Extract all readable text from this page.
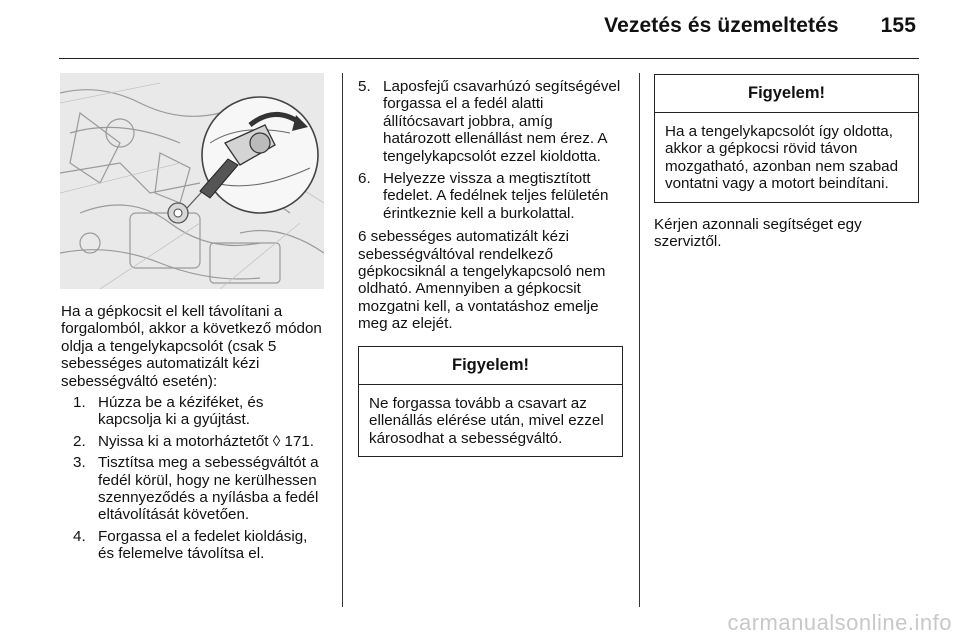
Vezetés és üzemeltetés 155

Ha a gépkocsit el kell távolítani a forgalomból, akkor a következő módon oldja a tengelykapcsolót (csak 5 sebességes automatizált kézi sebességváltó esetén):

1. Húzza be a kéziféket, és kapcsolja ki a gyújtást.
2. Nyissa ki a motorháztetőt ◊ 171.
3. Tisztítsa meg a sebességváltót a fedél körül, hogy ne kerülhessen szennyeződés a nyílásba a fedél eltávolítását követően.
4. Forgassa el a fedelet kioldásig, és felemelve távolítsa el.
5. Laposfejű csavarhúzó segítségével forgassa el a fedél alatti állítócsavart jobbra, amíg határozott ellenállást nem érez. A tengelykapcsolót ezzel kioldotta.
6. Helyezze vissza a megtisztított fedelet. A fedélnek teljes felületén érintkeznie kell a burkolattal.

6 sebességes automatizált kézi sebességváltóval rendelkező gépkocsiknál a tengelykapcsoló nem oldható. Amennyiben a gépkocsit mozgatni kell, a vontatáshoz emelje meg az elejét.

Figyelem!
Ne forgassa tovább a csavart az ellenállás elérése után, mivel ezzel károsodhat a sebességváltó.
Figyelem!
Ha a tengelykapcsolót így oldotta, akkor a gépkocsi rövid távon mozgatható, azonban nem szabad vontatni vagy a motort beindítani.

Kérjen azonnali segítséget egy szerviztől.

carmanualsonline.info
